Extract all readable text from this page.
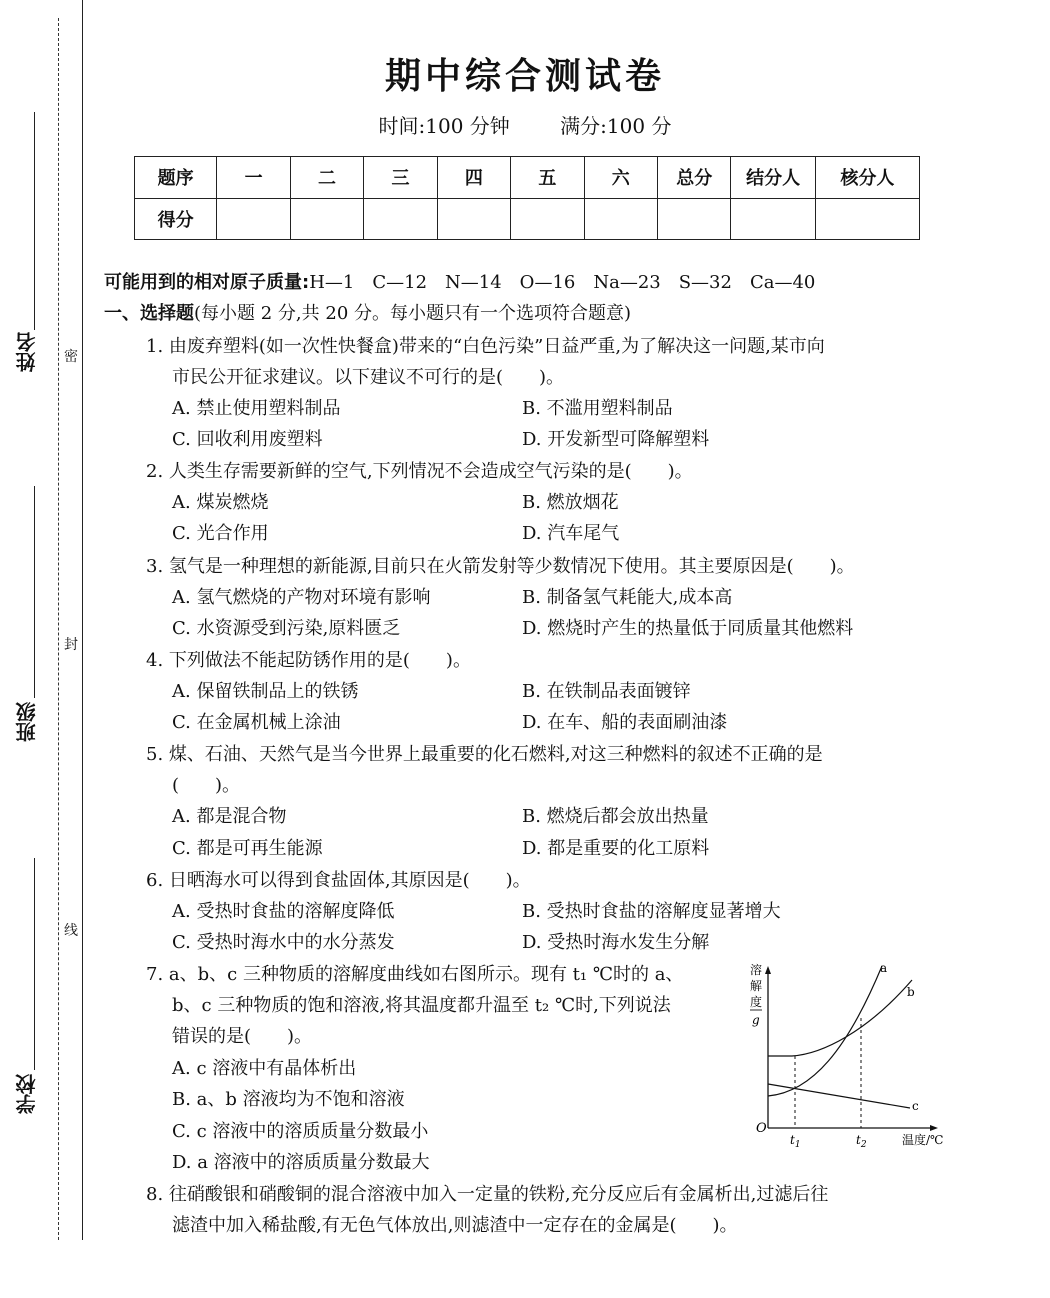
密
封
线
姓名
班级
学校
期中综合测试卷
时间:100 分钟	满分:100 分
题序	一	二	三	四	五	六	总分	结分人	核分人
得分									
可能用到的相对原子质量:H—1　C—12　N—14　O—16　Na—23　S—32　Ca—40
一、选择题(每小题 2 分,共 20 分。每小题只有一个选项符合题意)
1. 由废弃塑料(如一次性快餐盒)带来的“白色污染”日益严重,为了解决这一问题,某市向
市民公开征求建议。以下建议不可行的是(　　)。
A. 禁止使用塑料制品	B. 不滥用塑料制品
C. 回收利用废塑料	D. 开发新型可降解塑料
2. 人类生存需要新鲜的空气,下列情况不会造成空气污染的是(　　)。
A. 煤炭燃烧	B. 燃放烟花
C. 光合作用	D. 汽车尾气
3. 氢气是一种理想的新能源,目前只在火箭发射等少数情况下使用。其主要原因是(　　)。
A. 氢气燃烧的产物对环境有影响	B. 制备氢气耗能大,成本高
C. 水资源受到污染,原料匮乏	D. 燃烧时产生的热量低于同质量其他燃料
4. 下列做法不能起防锈作用的是(　　)。
A. 保留铁制品上的铁锈	B. 在铁制品表面镀锌
C. 在金属机械上涂油	D. 在车、船的表面刷油漆
5. 煤、石油、天然气是当今世界上最重要的化石燃料,对这三种燃料的叙述不正确的是
(　　)。
A. 都是混合物	B. 燃烧后都会放出热量
C. 都是可再生能源	D. 都是重要的化工原料
6. 日晒海水可以得到食盐固体,其原因是(　　)。
A. 受热时食盐的溶解度降低	B. 受热时食盐的溶解度显著增大
C. 受热时海水中的水分蒸发	D. 受热时海水发生分解
7. a、b、c 三种物质的溶解度曲线如右图所示。现有 t₁ ℃时的 a、
b、c 三种物质的饱和溶液,将其温度都升温至 t₂ ℃时,下列说法
错误的是(　　)。
A. c 溶液中有晶体析出
B. a、b 溶液均为不饱和溶液
C. c 溶液中的溶质质量分数最小
D. a 溶液中的溶质质量分数最大
溶
解
度
g
O
$t_1$	$t_2$	温度/℃
a
b
c
8. 往硝酸银和硝酸铜的混合溶液中加入一定量的铁粉,充分反应后有金属析出,过滤后往
滤渣中加入稀盐酸,有无色气体放出,则滤渣中一定存在的金属是(　　)。
